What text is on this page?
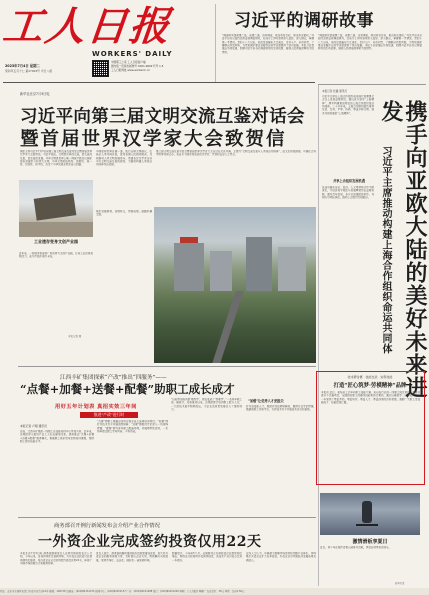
工人日报
WORKERS' DAILY
2023年7月4日 星期二
癸卯年五月十七 第27003号 今日八版
中国职工之家 工人日报客户端
国内统一连续出版物号 CN11-0002 代号 1-5
工人日报网址 www.workercn.cn
习近平的调研故事
“调查研究是谋事之基、成事之道。没有调查，就没有发言权，更没有决策权。”习近平总书记始终高度重视调查研究，在地方工作时坚持深入基层、深入群众，掌握第一手情况。党的十八大以来，他的足迹遍布大江南北，走村入户、访贫问苦，了解群众所思所盼，为党和国家事业发展作出科学决策提供了坚实依据。本报今日起推出系列报道，回顾习近平总书记调查研究的生动故事，展现人民领袖深厚的为民情怀。
“调查研究是谋事之基、成事之道。没有调查，就没有发言权，更没有决策权。”习近平总书记始终高度重视调查研究，在地方工作时坚持深入基层、深入群众，掌握第一手情况。党的十八大以来，他的足迹遍布大江南北，走村入户、访贫问苦，了解群众所思所盼，为党和国家事业发展作出科学决策提供了坚实依据。本报今日起推出系列报道，回顾习近平总书记调查研究的生动故事，展现人民领袖深厚的为民情怀。
新华社北京7月3日电
习近平向第三届文明交流互鉴对话会
暨首届世界汉学家大会致贺信
国家主席习近平7月3日向第三届文明交流互鉴对话会暨首届世界汉学家大会致贺信。习近平指出，文明因多样而交流，因交流而互鉴，因互鉴而发展。中华文明是世界上唯一绵延不断且以国家形态发展至今的伟大文明，中华文明的连续性、创新性、统一性、包容性、和平性，决定了中华民族必然走自己的路。
中国愿同世界各国一道，践行全球文明倡议，弘扬全人类共同价值，促进各国人民相知相亲，共同推动人类文明发展进步。希望各位汉学家当好中外文明交流互鉴的使者，为推动构建人类命运共同体作出贡献。
第三届文明交流互鉴对话会暨首届世界汉学家大会当日在北京开幕，主题为“文明交流互鉴与人类命运共同体”，由文化和旅游部、中国社会科学院等共同主办。来自多个国家和地区的汉学家、学者和友好人士参会。
工业遗存变身文创产业园
近年来，一些城市将废弃厂房改造为文创产业园，让老工业区焕发新活力，成为市民休闲打卡地。
本报记者 摄
城市发展新貌，高楼林立，绿树成荫，道路纵横交错。
江西丰矿集团探索“产改”推出“四服务”——
“点餐+加餐+送餐+配餐”助职工成长成才
用好五年计划表 真招实效三年间
推进“产改”进行时
本报记者 卢翔 通讯员
日前，江西丰矿集团一线职工在技能培训中心参加实训。近年来，该集团深入推进产业工人队伍建设改革，探索推出“点餐+加餐+送餐+配餐”服务模式，根据职工需求量身定制培训课程，帮助职工提升技能水平。
“点餐”即职工根据自身岗位需求自主选择培训项目；“加餐”即针对技术骨干开展高级研修；“送餐”即组织专家深入一线现场授课；“配餐”即为青年职工配备导师，开展师带徒活动。一系列举措让职工学有所获、干有所成。
“以前参加培训是‘要我学’，现在变成了‘我要学’。”一名青年职工说。据统计，改革推进以来，该集团累计培训职工数万人次，一大批技术能手脱颖而出，为企业高质量发展注入了强劲动力。
“加餐”让优秀人才更拔尖
针对高技能人才，集团开设技师研修班，邀请行业专家授课，搭建创新工作室平台，支持技术骨干开展技术攻关和革新。
商务部召开例行新闻发布会介绍产业合作情况
一外资企业完成签约投资仅用22天
本报北京7月3日电 商务部新闻发言人在例行新闻发布会上介绍，今年以来，各地持续优化营商环境，为外资企业投资兴业提供便利化服务。某外资企业从洽谈到签约投资仅用22天，体现了中国市场的吸引力和服务效率。
发言人表示，商务部将继续推动稳外资政策落地见效，加大对外资企业的服务保障力度，及时回应企业关切，帮助解决实际困难，营造市场化、法治化、国际化一流营商环境。
数据显示，今年前5个月，全国新设立外商投资企业数量同比增长，制造业实际使用外资保持稳定，高技术产业引资占比进一步提升。
业内人士认为，中国超大规模市场优势和完整产业体系，持续吸引外资企业扩大在华投资，外资企业对中国经济发展前景充满信心。
本报记者 杜鑫 通讯员
携手向亚欧大陆的美好未来进发
习近平主席推动构建上海合作组织命运共同体
习近平主席在上海合作组织成员国元首理事会会议上发表重要讲话，倡议各方坚守“上海精神”，携手构建更加紧密的上海合作组织命运共同体。二十多年来，上海合作组织始终秉持互信、互利、平等、协商、尊重多样文明、谋求共同发展的“上海精神”。
共享上合组织发展机遇
各成员国在安全、经济、人文等领域合作不断深化，为地区和平稳定与发展繁荣作出重要贡献。面对百年变局，各方应加强团结协作，共同应对风险挑战，推动上合组织行稳致远。
技术研讨赛 · 技能比武 · 实用技能
打造“匠心筑梦·劳模精神”品牌
本报讯 近日，某地总工会举办职工技能大赛，来自各行业的一线职工同台竞技。赛事设置多个比赛项目，全面检验职工的操作技能和综合素质。通过以赛促学、以赛促训，进一步营造了尊重劳动、尊重知识、尊重人才、尊重创造的良好氛围，激励广大职工走技能成才、技能报国之路。
激情滑板享夏日
近日，青少年在城市滑板公园练习滑板，享受运动带来的快乐。
新华社发
社址：北京市东城区安定门外安外东后巷12号 邮编：100718 总编室：(010)84151133 新闻中心：(010)84151137 广告：(010)84151288 发行：(010)84151240 印刷：工人日报社印刷厂 每月定价：36元 零售：每份1.50元
